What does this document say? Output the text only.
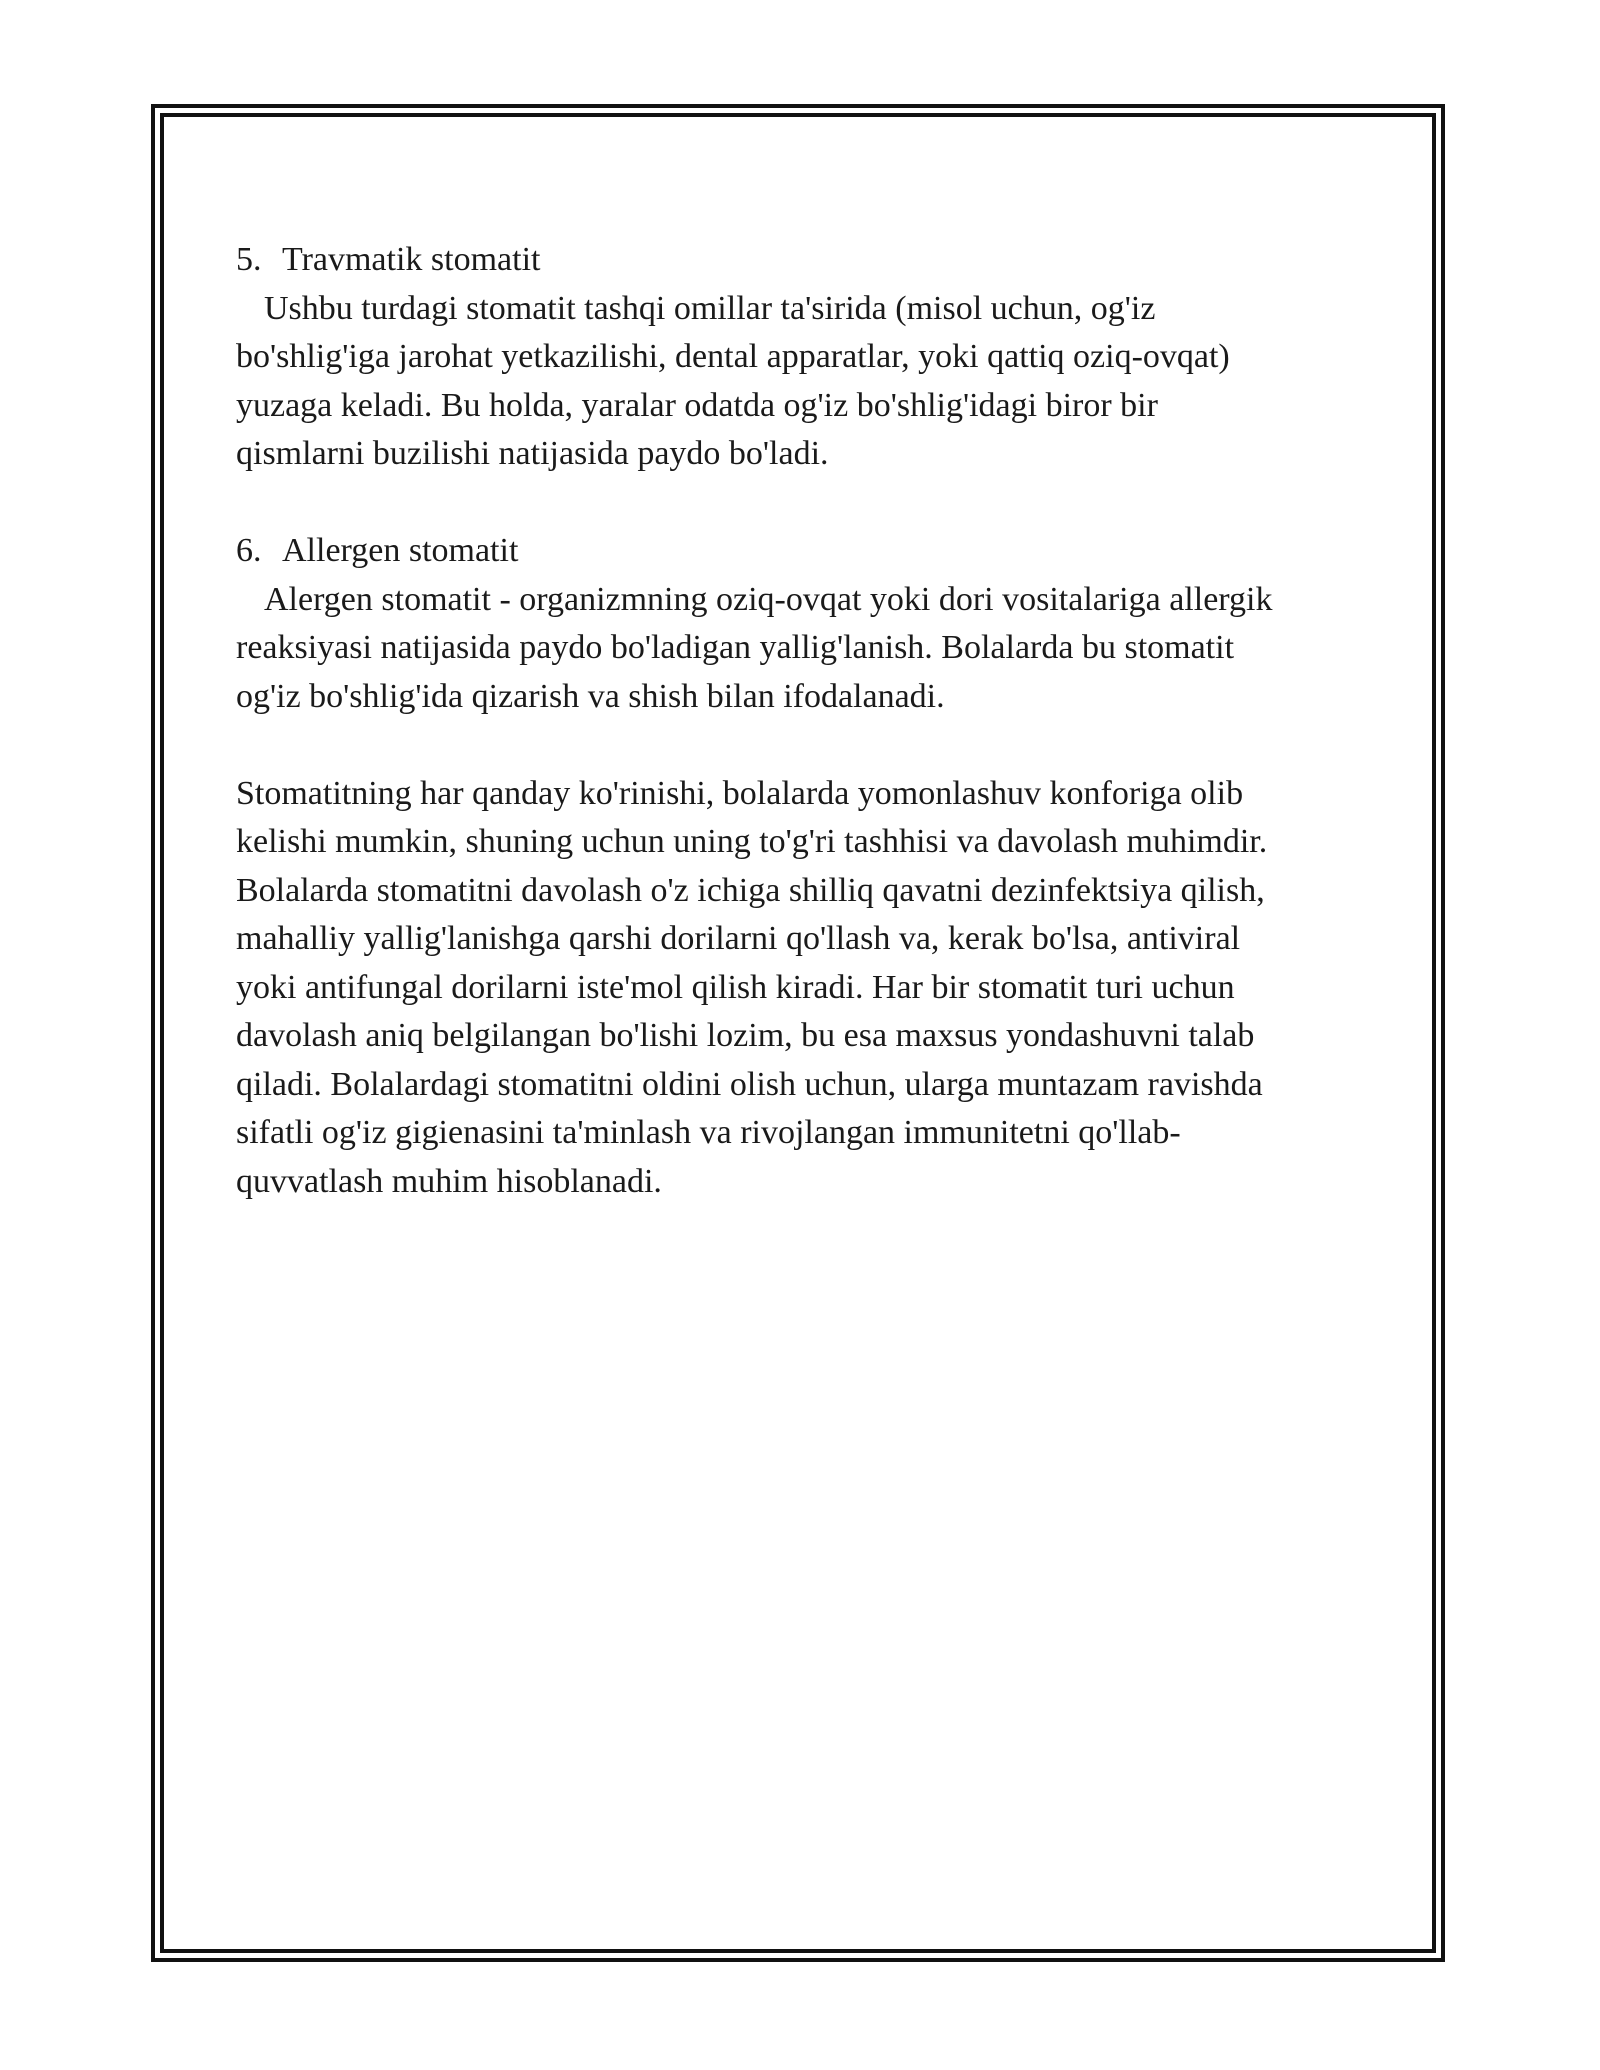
5. Travmatik stomatit

Ushbu turdagi stomatit tashqi omillar ta'sirida (misol uchun, og'iz
bo'shlig'iga jarohat yetkazilishi, dental apparatlar, yoki qattiq oziq-ovqat)
yuzaga keladi. Bu holda, yaralar odatda og'iz bo'shlig'idagi biror bir
qismlarni buzilishi natijasida paydo bo'ladi.

6. Allergen stomatit

Alergen stomatit - organizmning oziq-ovqat yoki dori vositalariga allergik
reaksiyasi natijasida paydo bo'ladigan yallig'lanish. Bolalarda bu stomatit
og'iz bo'shlig'ida qizarish va shish bilan ifodalanadi.

Stomatitning har qanday ko'rinishi, bolalarda yomonlashuv konforiga olib
kelishi mumkin, shuning uchun uning to'g'ri tashhisi va davolash muhimdir.
Bolalarda stomatitni davolash o'z ichiga shilliq qavatni dezinfektsiya qilish,
mahalliy yallig'lanishga qarshi dorilarni qo'llash va, kerak bo'lsa, antiviral
yoki antifungal dorilarni iste'mol qilish kiradi. Har bir stomatit turi uchun
davolash aniq belgilangan bo'lishi lozim, bu esa maxsus yondashuvni talab
qiladi. Bolalardagi stomatitni oldini olish uchun, ularga muntazam ravishda
sifatli og'iz gigienasini ta'minlash va rivojlangan immunitetni qo'llab-
quvvatlash muhim hisoblanadi.
